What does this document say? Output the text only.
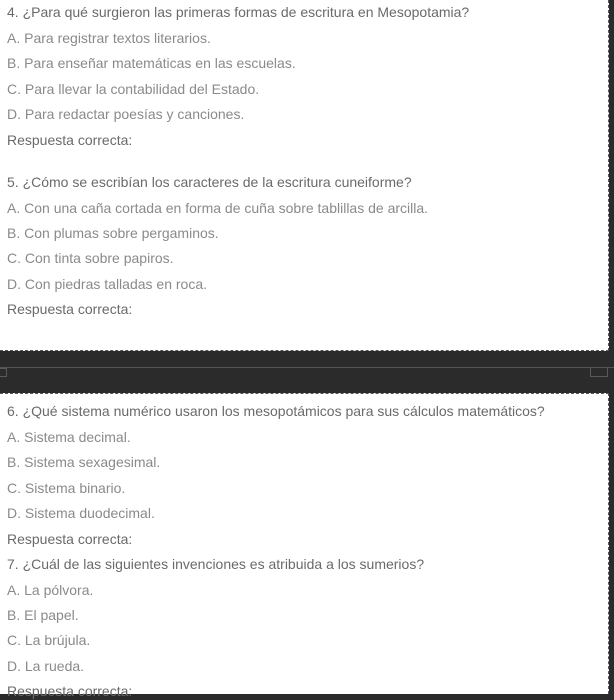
4. ¿Para qué surgieron las primeras formas de escritura en Mesopotamia?

A. Para registrar textos literarios.

B. Para enseñar matemáticas en las escuelas.

C. Para llevar la contabilidad del Estado.

D. Para redactar poesías y canciones.

Respuesta correcta:

5. ¿Cómo se escribían los caracteres de la escritura cuneiforme?

A. Con una caña cortada en forma de cuña sobre tablillas de arcilla.

B. Con plumas sobre pergaminos.

C. Con tinta sobre papiros.

D. Con piedras talladas en roca.

Respuesta correcta:

6. ¿Qué sistema numérico usaron los mesopotámicos para sus cálculos matemáticos?

A. Sistema decimal.

B. Sistema sexagesimal.

C. Sistema binario.

D. Sistema duodecimal.

Respuesta correcta:

7. ¿Cuál de las siguientes invenciones es atribuida a los sumerios?

A. La pólvora.

B. El papel.

C. La brújula.

D. La rueda.

Respuesta correcta:
